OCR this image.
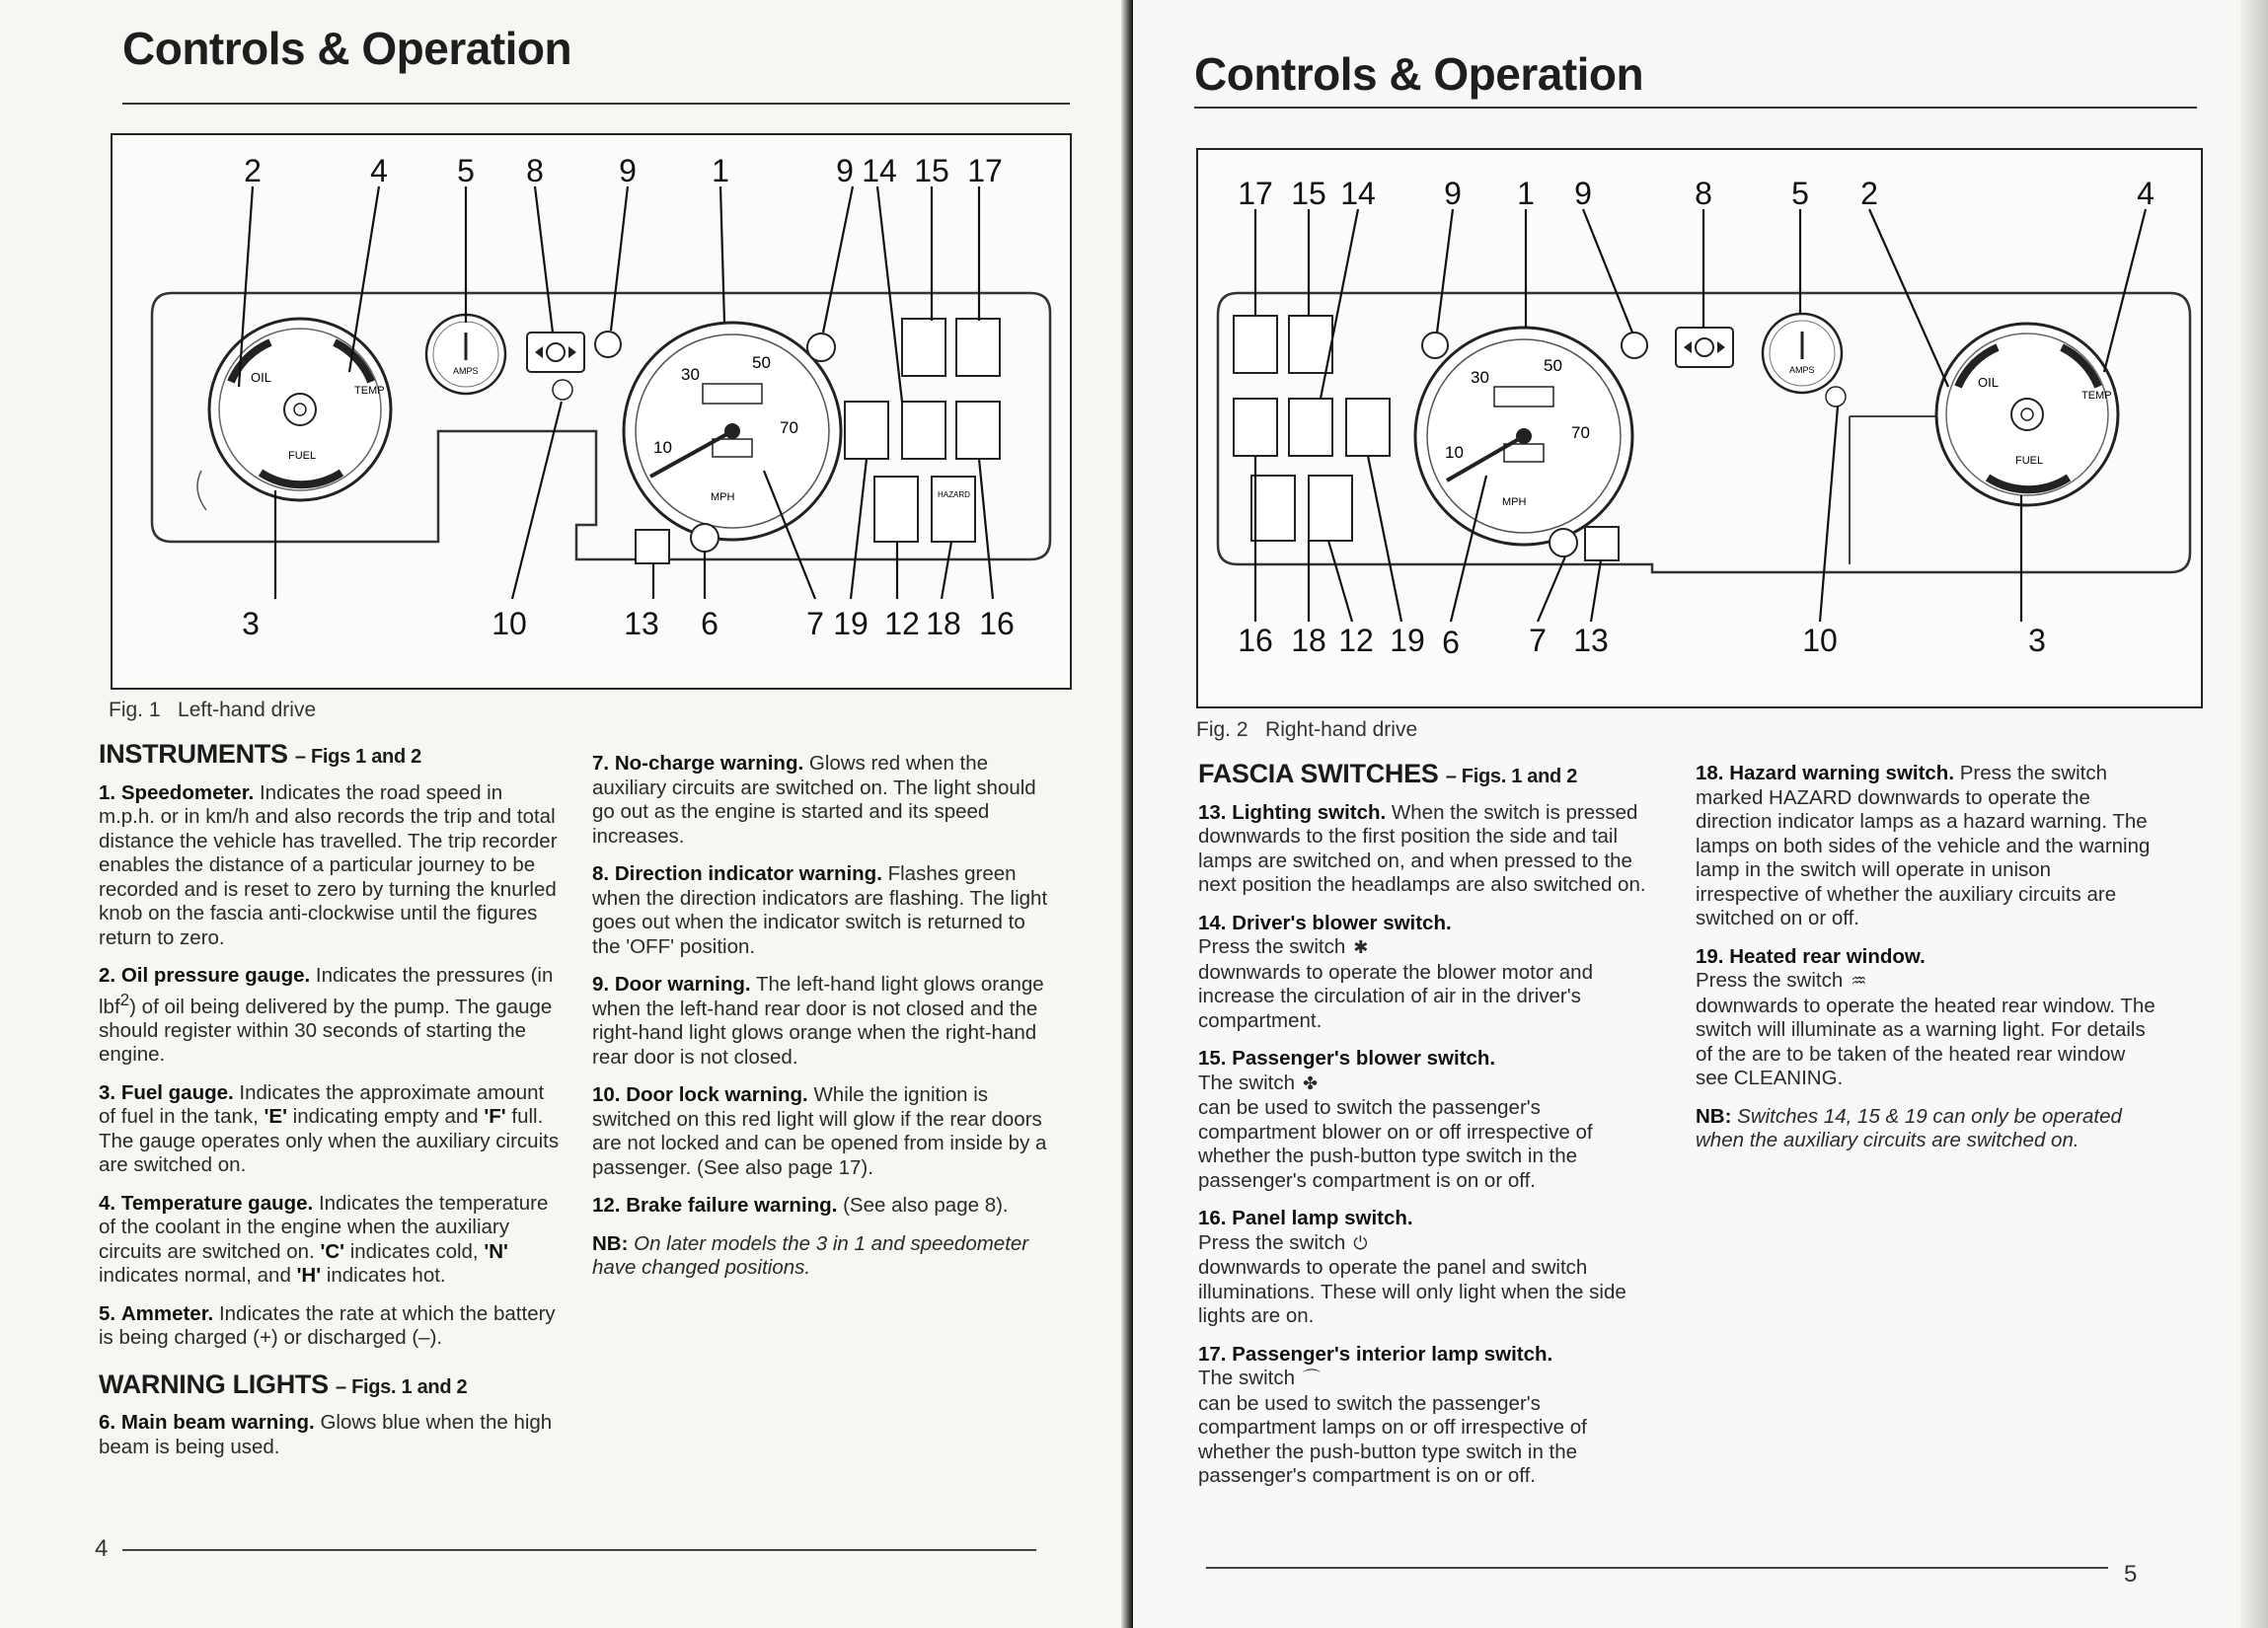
Controls & Operation
OIL
TEMP
FUEL
AMPS	30
50
70
10
MPH	HAZARD
2	4 5 8 9 1	9 14 15 17
3	10	13 6	7 19 12 18 16
Fig. 1 Left-hand drive
INSTRUMENTS – Figs 1 and 2

1. Speedometer. Indicates the road speed in m.p.h. or in km/h and also records the trip and total distance the vehicle has travelled. The trip recorder enables the distance of a particular journey to be recorded and is reset to zero by turning the knurled knob on the fascia anti-clockwise until the figures return to zero.

2. Oil pressure gauge. Indicates the pressures (in lbf$^2$) of oil being delivered by the pump. The gauge should register within 30 seconds of starting the engine.

3. Fuel gauge. Indicates the approximate amount of fuel in the tank, 'E' indicating empty and 'F' full. The gauge operates only when the auxiliary circuits are switched on.

4. Temperature gauge. Indicates the temperature of the coolant in the engine when the auxiliary circuits are switched on. 'C' indicates cold, 'N' indicates normal, and 'H' indicates hot.

5. Ammeter. Indicates the rate at which the battery is being charged (+) or discharged (–).

WARNING LIGHTS – Figs. 1 and 2

6. Main beam warning. Glows blue when the high beam is being used.

7. No-charge warning. Glows red when the auxiliary circuits are switched on. The light should go out as the engine is started and its speed increases.

8. Direction indicator warning. Flashes green when the direction indicators are flashing. The light goes out when the indicator switch is returned to the 'OFF' position.

9. Door warning. The left-hand light glows orange when the left-hand rear door is not closed and the right-hand light glows orange when the right-hand rear door is not closed.

10. Door lock warning. While the ignition is switched on this red light will glow if the rear doors are not locked and can be opened from inside by a passenger. (See also page 17).

12. Brake failure warning. (See also page 8).

NB: On later models the 3 in 1 and speedometer have changed positions.

4
Controls & Operation
30
50
70
10
MPH
AMPS
OIL
TEMP
FUEL
17 15 14 9 1 9	8	5 2	4
16 18 12 19 6 7 13	10	3
Fig. 2 Right-hand drive
FASCIA SWITCHES – Figs. 1 and 2

13. Lighting switch. When the switch is pressed downwards to the first position the side and tail lamps are switched on, and when pressed to the next position the headlamps are also switched on.

14. Driver's blower switch.
Press the switch ✱
downwards to operate the blower motor and increase the circulation of air in the driver's compartment.

15. Passenger's blower switch.
The switch ✤
can be used to switch the passenger's compartment blower on or off irrespective of whether the push-button type switch in the passenger's compartment is on or off.

16. Panel lamp switch.
Press the switch ⏻
downwards to operate the panel and switch illuminations. These will only light when the side lights are on.

17. Passenger's interior lamp switch.
The switch ⌒
can be used to switch the passenger's compartment lamps on or off irrespective of whether the push-button type switch in the passenger's compartment is on or off.

18. Hazard warning switch. Press the switch marked HAZARD downwards to operate the direction indicator lamps as a hazard warning. The lamps on both sides of the vehicle and the warning lamp in the switch will operate in unison irrespective of whether the auxiliary circuits are switched on or off.

19. Heated rear window.
Press the switch ♒
downwards to operate the heated rear window. The switch will illuminate as a warning light. For details of the are to be taken of the heated rear window see CLEANING.

NB: Switches 14, 15 & 19 can only be operated when the auxiliary circuits are switched on.

5
